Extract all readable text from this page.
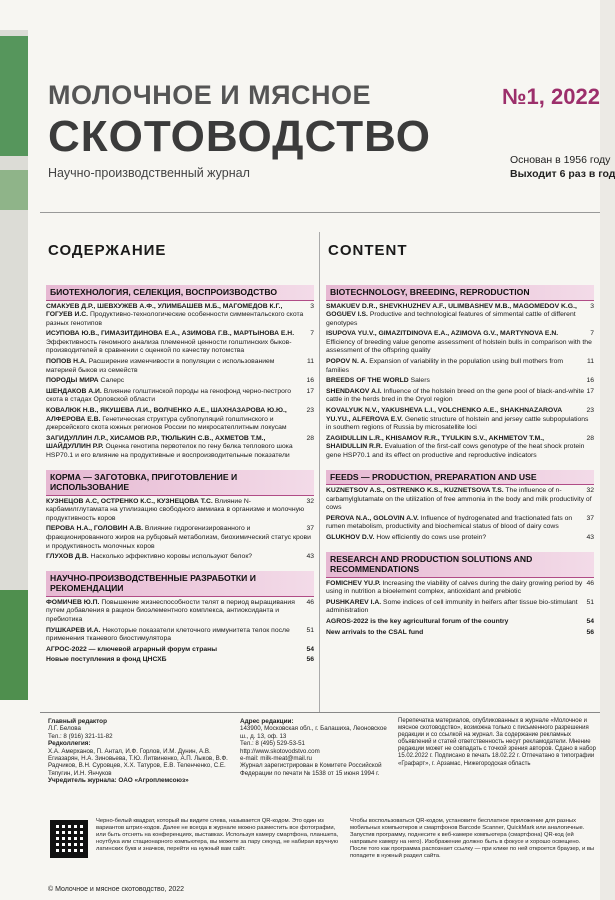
МОЛОЧНОЕ И МЯСНОЕ
СКОТОВОДСТВО
№1, 2022
Научно-производственный журнал
Основан в 1956 году
Выходит 6 раз в год
СОДЕРЖАНИЕ	CONTENT
БИОТЕХНОЛОГИЯ, СЕЛЕКЦИЯ, ВОСПРОИЗВОДСТВО
3
СМАКУЕВ Д.Р., ШЕВХУЖЕВ А.Ф., УЛИМБАШЕВ М.Б., МАГОМЕДОВ К.Г., ГОГУЕВ И.С. Продуктивно-технологические особенности симментальского скота разных генотипов
7
ИСУПОВА Ю.В., ГИМАЗИТДИНОВА Е.А., АЗИМОВА Г.В., МАРТЫНОВА Е.Н. Эффективность геномного анализа племенной ценности голштинских быков-производителей в сравнении с оценкой по качеству потомства
11
ПОПОВ Н.А. Расширение изменчивости в популяции с использованием материей быков из семейств
16
ПОРОДЫ МИРА Салерс
17
ШЕНДАКОВ А.И. Влияние голштинской породы на генофонд черно-пестрого скота в стадах Орловской области
23
КОВАЛЮК Н.В., ЯКУШЕВА Л.И., ВОЛЧЕНКО А.Е., ШАХНАЗАРОВА Ю.Ю., АЛФЕРОВА Е.В. Генетическая структура субпопуляций голштинского и джерсейского скота южных регионов России по микросателлитным локусам
28
ЗАГИДУЛЛИН Л.Р., ХИСАМОВ Р.Р., ТЮЛЬКИН С.В., АХМЕТОВ Т.М., ШАЙДУЛЛИН Р.Р. Оценка генотипа первотелок по гену белка теплового шока HSP70.1 и его влияние на продуктивные и воспроизводительные показатели
КОРМА — ЗАГОТОВКА, ПРИГОТОВЛЕНИЕ И ИСПОЛЬЗОВАНИЕ
32
КУЗНЕЦОВ А.С, ОСТРЕНКО К.С., КУЗНЕЦОВА Т.С. Влияние N-карбамилглутамата на утилизацию свободного аммиака в организме и молочную продуктивность коров
37
ПЕРОВА Н.А., ГОЛОВИН А.В. Влияние гидрогенизированного и фракционированного жиров на рубцовый метаболизм, биохимический статус крови и продуктивность молочных коров
43
ГЛУХОВ Д.В. Насколько эффективно коровы используют белок?
НАУЧНО-ПРОИЗВОДСТВЕННЫЕ РАЗРАБОТКИ И РЕКОМЕНДАЦИИ
46
ФОМИЧЕВ Ю.П. Повышение жизнеспособности телят в период выращивания путем добавления в рацион биоэлементного комплекса, антиоксиданта и пребиотика
51
ПУШКАРЕВ И.А. Некоторые показатели клеточного иммунитета телок после применения тканевого биостимулятора
54
АГРОС-2022 — ключевой аграрный форум страны
56
Новые поступления в фонд ЦНСХБ
BIOTECHNOLOGY, BREEDING, REPRODUCTION
3
SMAKUEV D.R., SHEVKHUZHEV A.F., ULIMBASHEV M.B., MAGOMEDOV K.G., GOGUEV I.S. Productive and technological features of simmental cattle of different genotypes
7
ISUPOVA YU.V., GIMAZITDINOVA E.A., AZIMOVA G.V., MARTYNOVA E.N. Efficiency of breeding value genome assessment of holstein bulls in comparison with the assessment of the offspring quality
11
POPOV N. A. Expansion of variability in the population using bull mothers from families
16
BREEDS OF THE WORLD Salers
17
SHENDAKOV A.I. Influence of the holstein breed on the gene pool of black-and-white cattle in the herds bred in the Oryol region
23
KOVALYUK N.V., YAKUSHEVA L.I., VOLCHENKO A.E., SHAKHNAZAROVA YU.YU., ALFEROVA E.V. Genetic structure of holstein and jersey cattle subpopulations in southern regions of Russia by microsatellite loci
28
ZAGIDULLIN L.R., KHISAMOV R.R., TYULKIN S.V., AKHMETOV T.M., SHAIDULLIN R.R. Evaluation of the first-calf cows genotype of the heat shock protein gene HSP70.1 and its effect on productive and reproductive indicators
FEEDS — PRODUCTION, PREPARATION AND USE
32
KUZNETSOV A.S., OSTRENKO K.S., KUZNETSOVA T.S. The influence of n-carbamylglutamate on the utilization of free ammonia in the body and milk productivity of cows
37
PEROVA N.A., GOLOVIN A.V. Influence of hydrogenated and fractionated fats on rumen metabolism, productivity and biochemical status of blood of dairy cows
43
GLUKHOV D.V. How efficiently do cows use protein?
RESEARCH AND PRODUCTION SOLUTIONS AND RECOMMENDATIONS
46
FOMICHEV YU.P. Increasing the viability of calves during the dairy growing period by using in nutrition a bioelement complex, antioxidant and prebiotic
51
PUSHKAREV I.A. Some indices of cell immunity in heifers after tissue bio-stimulant administration
54
AGROS-2022 is the key agricultural forum of the country
56
New arrivals to the CSAL fund
Главный редактор
Л.Г. Белова
Тел.: 8 (916) 321-11-82
Редколлегия:
Х.А. Амерханов, П. Антал, И.Ф. Горлов, И.М. Дунин, А.В. Егиазарян, Н.А. Зиновьева, Т.Ю. Литвиненко, А.П. Лыков, В.Ф. Радчиков, В.Н. Суровцев, Х.Х. Татуров, Е.В. Теленченко, С.Е. Тяпугин, И.Н. Янчуков
Учредитель журнала: ОАО «Агроплемсоюз»
Адрес редакции:
143900, Московская обл., г. Балашиха, Леоновское ш., д. 13, оф. 13
Тел.: 8 (495) 529-53-51
http://www.skotovodstvo.com
e-mail: milk-meat@mail.ru
Журнал зарегистрирован в Комитете Российской Федерации по печати № 1538 от 15 июня 1994 г.
Перепечатка материалов, опубликованных в журнале «Молочное и мясное скотоводство», возможна только с письменного разрешения редакции и со ссылкой на журнал. За содержание рекламных объявлений и статей ответственность несут рекламодатели. Мнение редакции может не совпадать с точкой зрения авторов. Сдано в набор 15.02.2022 г. Подписано в печать 18.02.22 г. Отпечатано в типографии «Графарт», г. Арзамас, Нижегородская область
Черно-белый квадрат, который вы видите слева, называется QR-кодом. Это один из вариантов штрих-кодов. Далее не всегда в журнале можно разместить все фотографии, или быть отснять на конференциях, выставках. Используя камеру смартфона, планшета, ноутбука или стационарного компьютера, вы можете за пару секунд, не набирая вручную латинских букв и значков, перейти на нужный вам сайт.
Чтобы воспользоваться QR-кодом, установите бесплатное приложение для разных мобильных компьютеров и смартфонов Barcode Scanner, QuickMark или аналогичные. Запустив программу, поднесите к веб-камере компьютера (смартфона) QR-код (ей направьте камеру на него). Изображение должно быть в фокусе и хорошо освещено. После того как программа распознает ссылку — при клике по ней откроется браузер, и вы попадете в нужный раздел сайта.
© Молочное и мясное скотоводство, 2022
